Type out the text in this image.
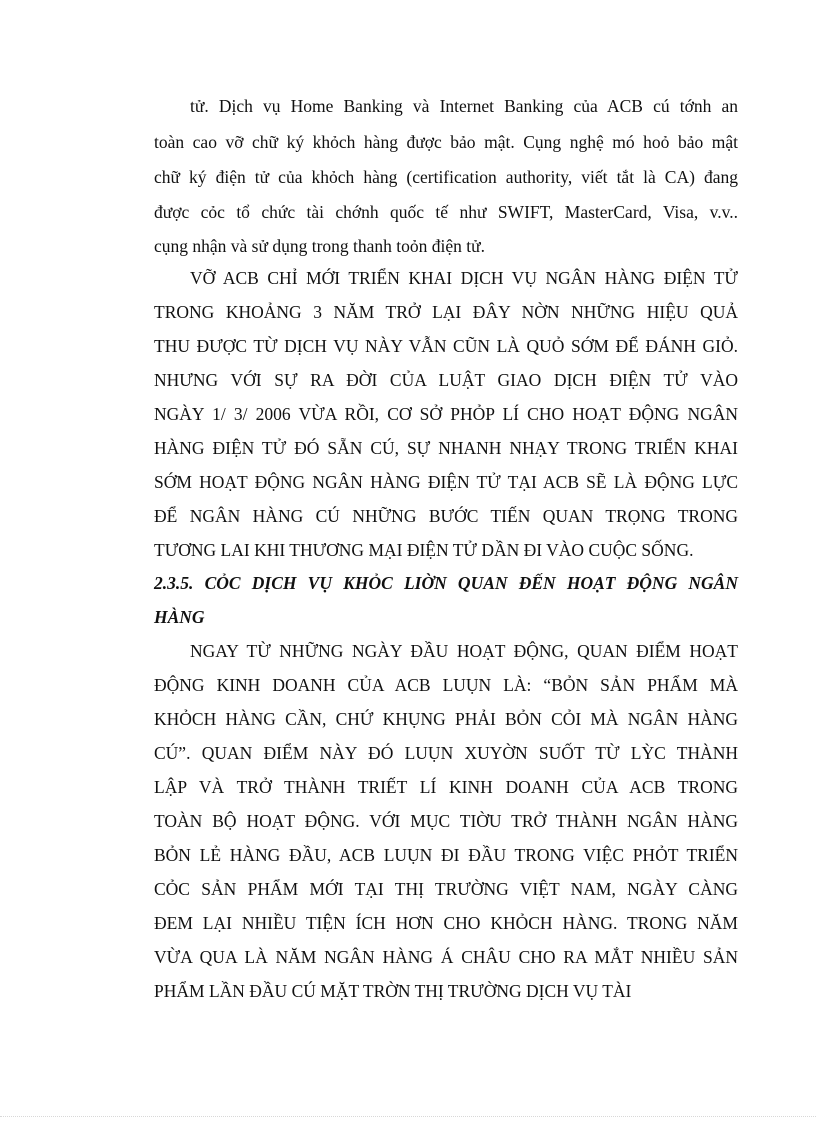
tử. Dịch vụ Home Banking và Internet Banking của ACB cú tớnh an
toàn cao vỡ chữ ký khỏch hàng được bảo mật. Cụng nghệ mó hoỏ bảo mật
chữ ký điện tử của khỏch hàng (certification authority, viết tắt là CA) đang
được cỏc tổ chức tài chớnh quốc tế như SWIFT, MasterCard, Visa, v.v..
cụng nhận và sử dụng trong thanh toỏn điện tử.
VỠ ACB CHỈ MỚI TRIỂN KHAI DỊCH VỤ NGÂN HÀNG ĐIỆN TỬ
TRONG KHOẢNG 3 NĂM TRỞ LẠI ĐÂY NỜN NHỮNG HIỆU QUẢ
THU ĐƯỢC TỪ DỊCH VỤ NÀY VẪN CŨN LÀ QUỎ SỚM ĐỂ ĐÁNH GIỎ.
NHƯNG VỚI SỰ RA ĐỜI CỦA LUẬT GIAO DỊCH ĐIỆN TỬ VÀO
NGÀY 1/ 3/ 2006 VỪA RỒI, CƠ SỞ PHỎP LÍ CHO HOẠT ĐỘNG NGÂN
HÀNG ĐIỆN TỬ ĐÓ SẴN CÚ, SỰ NHANH NHẠY TRONG TRIỂN KHAI
SỚM HOẠT ĐỘNG NGÂN HÀNG ĐIỆN TỬ TẠI ACB SẼ LÀ ĐỘNG LỰC
ĐỂ NGÂN HÀNG CÚ NHỮNG BƯỚC TIẾN QUAN TRỌNG TRONG
TƯƠNG LAI KHI THƯƠNG MẠI ĐIỆN TỬ DẦN ĐI VÀO CUỘC SỐNG.
2.3.5. CỎC DỊCH VỤ KHỎC LIỜN QUAN ĐẾN HOẠT ĐỘNG NGÂN
HÀNG
NGAY TỪ NHỮNG NGÀY ĐẦU HOẠT ĐỘNG, QUAN ĐIỂM HOẠT
ĐỘNG KINH DOANH CỦA ACB LUỤN LÀ: “BỎN SẢN PHẨM MÀ
KHỎCH HÀNG CẦN, CHỨ KHỤNG PHẢI BỎN CỎI MÀ NGÂN HÀNG
CÚ”. QUAN ĐIỂM NÀY ĐÓ LUỤN XUYỜN SUỐT TỪ LỲC THÀNH
LẬP VÀ TRỞ THÀNH TRIẾT LÍ KINH DOANH CỦA ACB TRONG
TOÀN BỘ HOẠT ĐỘNG. VỚI MỤC TIỜU TRỞ THÀNH NGÂN HÀNG
BỎN LẺ HÀNG ĐẦU, ACB LUỤN ĐI ĐẦU TRONG VIỆC PHỎT TRIỂN
CỎC SẢN PHẨM MỚI TẠI THỊ TRƯỜNG VIỆT NAM, NGÀY CÀNG
ĐEM LẠI NHIỀU TIỆN ÍCH HƠN CHO KHỎCH HÀNG. TRONG NĂM
VỪA QUA LÀ NĂM NGÂN HÀNG Á CHÂU CHO RA MẮT NHIỀU SẢN
PHẨM LẦN ĐẦU CÚ MẶT TRỜN THỊ TRƯỜNG DỊCH VỤ TÀI
